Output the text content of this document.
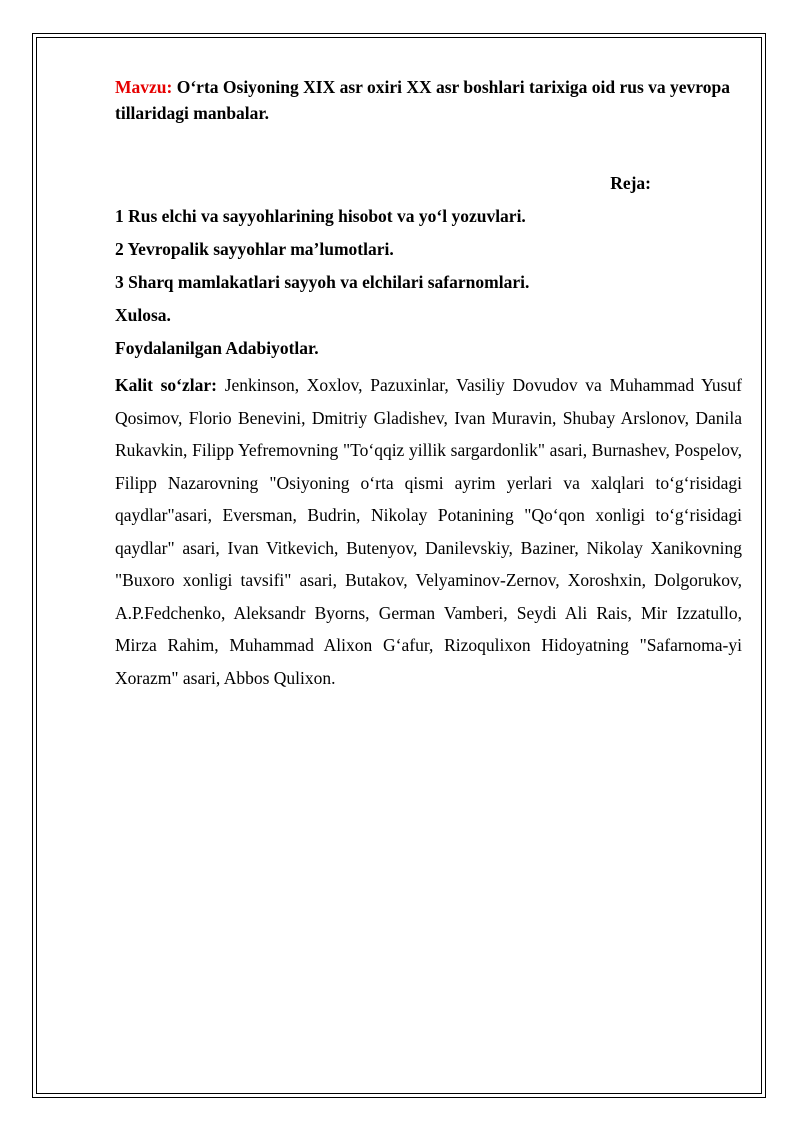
Mavzu: O‘rta Osiyoning XIX asr oxiri XX asr boshlari tarixiga oid rus va yevropa tillaridagi manbalar.

Reja:

1 Rus elchi va sayyohlarining hisobot va yo‘l yozuvlari.
2 Yevropalik sayyohlar ma’lumotlari.
3 Sharq mamlakatlari sayyoh va elchilari safarnomlari.
Xulosa.
Foydalanilgan Adabiyotlar.

Kalit so‘zlar: Jenkinson, Xoxlov, Pazuxinlar, Vasiliy Dovudov va Muhammad Yusuf Qosimov, Florio Benevini, Dmitriy Gladishev, Ivan Muravin, Shubay Arslonov, Danila Rukavkin, Filipp Yefremovning "To‘qqiz yillik sargardonlik" asari, Burnashev, Pospelov, Filipp Nazarovning "Osiyoning o‘rta qismi ayrim yerlari va xalqlari to‘g‘risidagi qaydlar"asari, Eversman, Budrin, Nikolay Potanining "Qo‘qon xonligi to‘g‘risidagi qaydlar" asari, Ivan Vitkevich, Butenyov, Danilevskiy, Baziner, Nikolay Xanikovning "Buxoro xonligi tavsifi" asari, Butakov, Velyaminov-Zernov, Xoroshxin, Dolgorukov, A.P.Fedchenko, Aleksandr Byorns, German Vamberi, Seydi Ali Rais, Mir Izzatullo, Mirza Rahim, Muhammad Alixon G‘afur, Rizoqulixon Hidoyatning "Safarnoma-yi Xorazm" asari, Abbos Qulixon.
